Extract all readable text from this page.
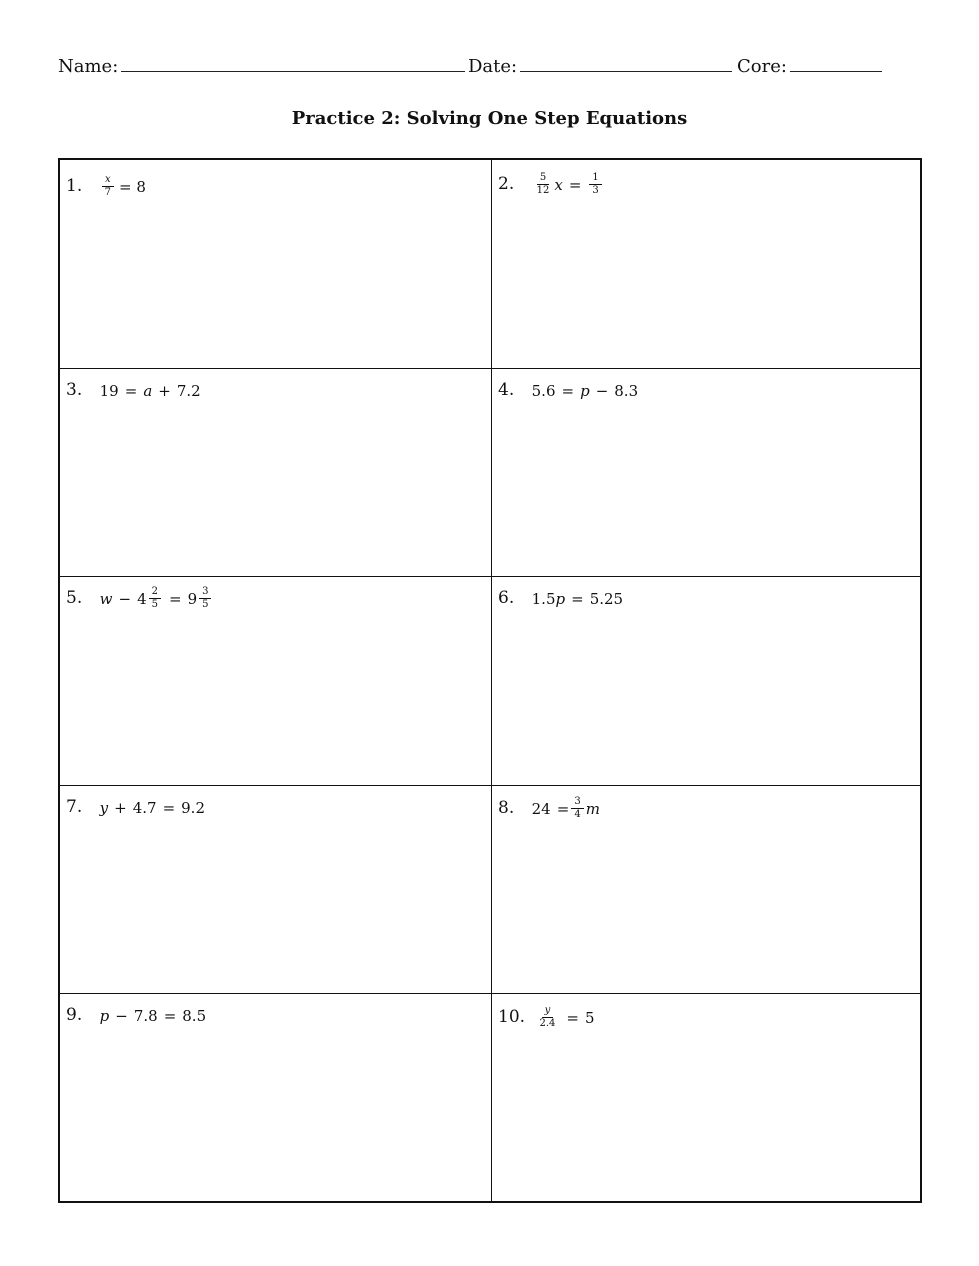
Name:	Date:	Core:
Practice 2: Solving One Step Equations
1. $\frac{x}{7} = 8$	2. $\frac{5}{12}$ $x = \frac{1}{3}$
3. 19 = a + 7.2	4. 5.6 = p − 8.3
5. $w - 4 \frac{2}{5} = 9 \frac{3}{5}$	6. 1.5 p = 5.25
7. y + 4.7 = 9.2	8. $24 = \frac{3}{4}$ m
9. p − 7.8 = 8.5	10. $\frac{y}{2.4} = 5$
